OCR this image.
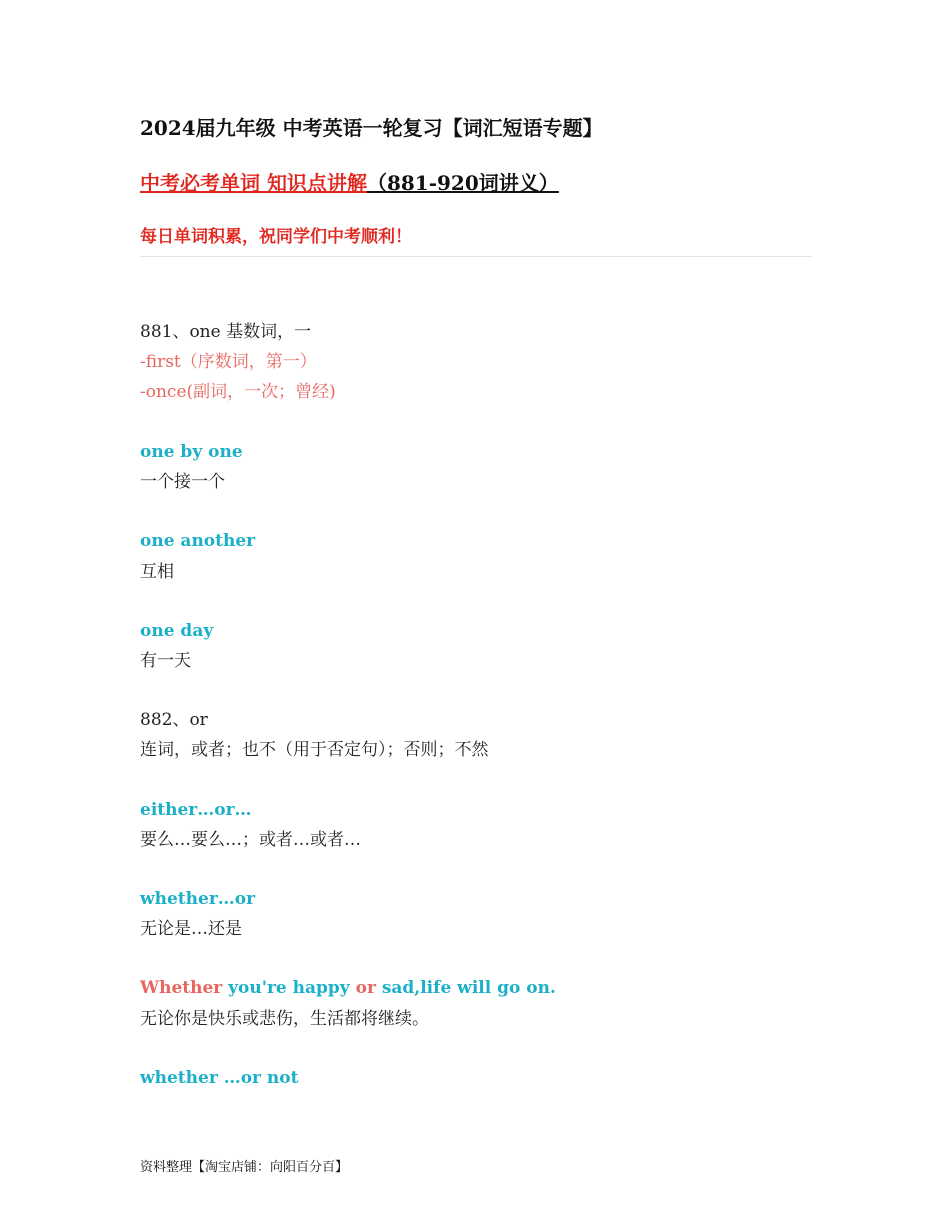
2024届九年级 中考英语一轮复习【词汇短语专题】
中考必考单词 知识点讲解（881-920词讲义）
每日单词积累，祝同学们中考顺利！
881、one 基数词，一
-first（序数词，第一）
-once(副词，一次；曾经)
one by one
一个接一个
one another
互相
one day
有一天
882、or
连词，或者；也不（用于否定句）；否则；不然
either…or…
要么…要么…；或者…或者…
whether…or
无论是…还是
Whether you're happy or sad,life will go on.
无论你是快乐或悲伤，生活都将继续。
whether …or not
资料整理【淘宝店铺：向阳百分百】
